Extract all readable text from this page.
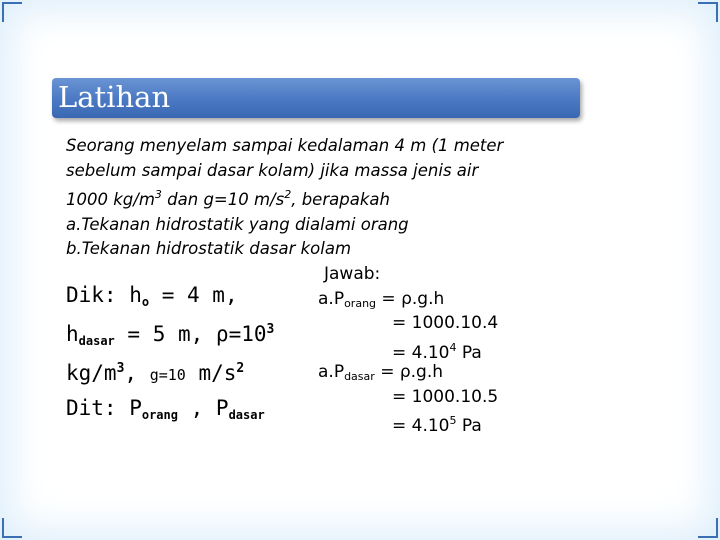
Latihan
Seorang menyelam sampai kedalaman 4 m (1 meter
sebelum sampai dasar kolam) jika massa jenis air
1000 $kg/m^3$ dan g=10 $m/s^2$, berapakah
a.Tekanan hidrostatik yang dialami orang
b.Tekanan hidrostatik dasar kolam
Dik: ho = 4 m,
hdasar = 5 m, $\rho=10^3$
$kg/m^3$, g=10 $m/s^2$
Dit: Porang , Pdasar
Jawab:
a.Porang = ρ.g.h
= 1000.10.4
= $4.10^4$ Pa
a.Pdasar = ρ.g.h
= 1000.10.5
= $4.10^5$ Pa
